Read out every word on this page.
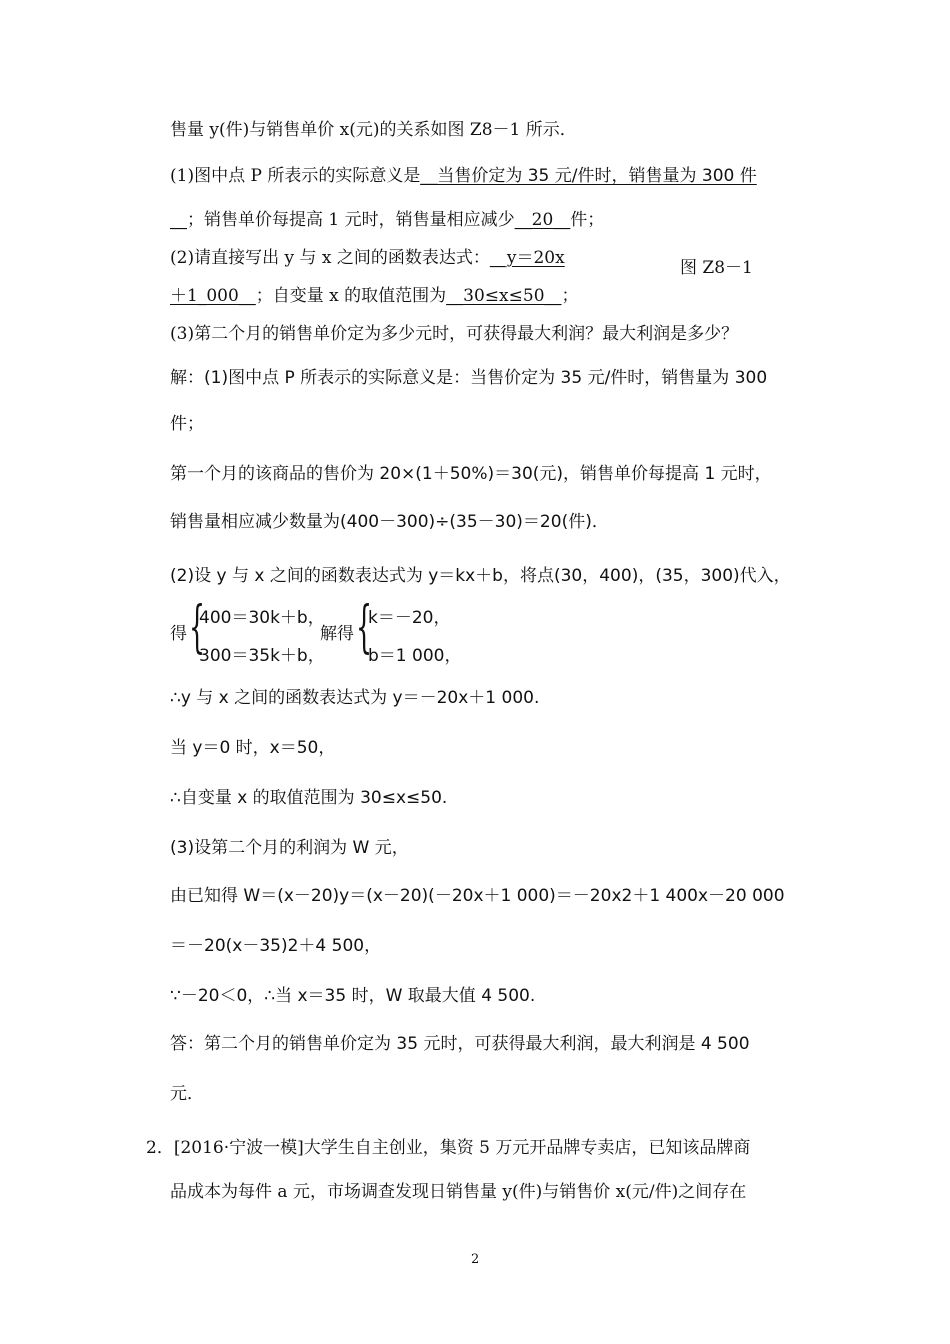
售量 y(件)与销售单价 x(元)的关系如图 Z8－1 所示．
(1)图中点 P 所表示的实际意义是__当售价定为 35 元/件时，销售量为 300 件
__；销售单价每提高 1 元时，销售量相应减少__20__件；
(2)请直接写出 y 与 x 之间的函数表达式：__y＝20x	图 Z8－1
＋1_000__；自变量 x 的取值范围为__30≤x≤50__；
(3)第二个月的销售单价定为多少元时，可获得最大利润？最大利润是多少？
解：(1)图中点 P 所表示的实际意义是：当售价定为 35 元/件时，销售量为 300
件；
第一个月的该商品的售价为 20×(1＋50%)＝30(元)，销售单价每提高 1 元时，
销售量相应减少数量为(400－300)÷(35－30)＝20(件)．
(2)设 y 与 x 之间的函数表达式为 y＝kx＋b，将点(30，400)，(35，300)代入，
得 {
400＝30k＋b，
300＝35k＋b，
解得 {
k＝－20，
b＝1 000，
∴y 与 x 之间的函数表达式为 y＝－20x＋1 000.
当 y＝0 时，x＝50，
∴自变量 x 的取值范围为 30≤x≤50.
(3)设第二个月的利润为 W 元，
由已知得 W＝(x－20)y＝(x－20)(－20x＋1 000)＝－20x2＋1 400x－20 000
＝－20(x－35)2＋4 500，
∵－20＜0，∴当 x＝35 时，W 取最大值 4 500.
答：第二个月的销售单价定为 35 元时，可获得最大利润，最大利润是 4 500
元．
2．[2016·宁波一模]大学生自主创业，集资 5 万元开品牌专卖店，已知该品牌商
品成本为每件 a 元，市场调查发现日销售量 y(件)与销售价 x(元/件)之间存在
2
